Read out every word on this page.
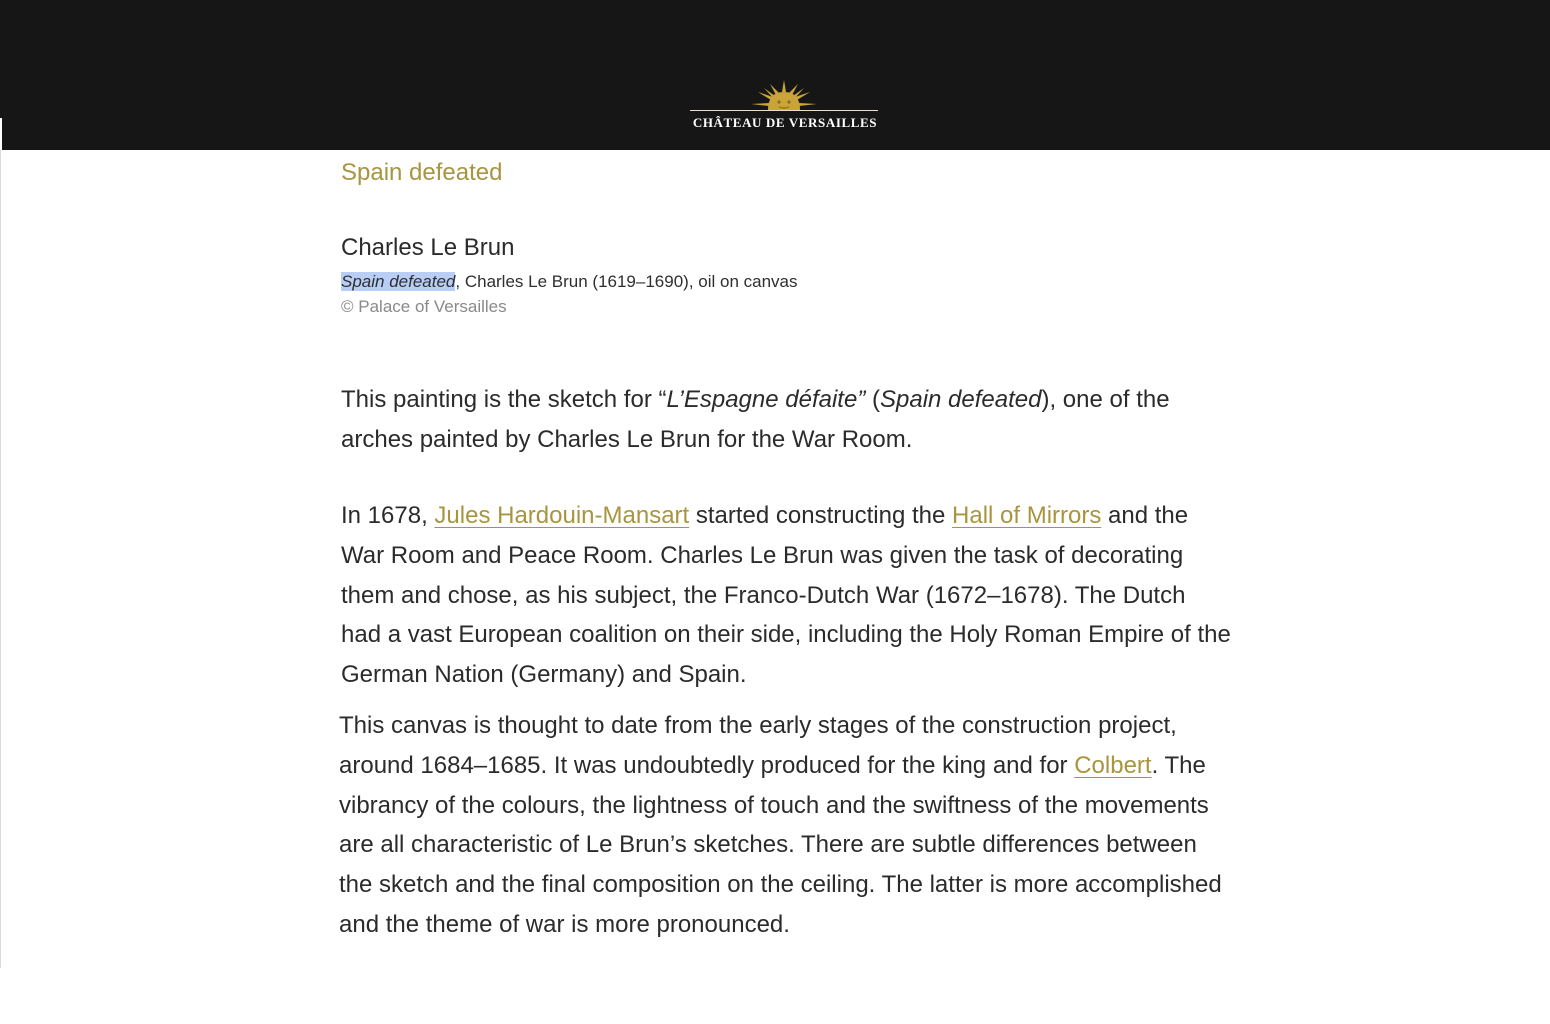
CHÂTEAU DE VERSAILLES
Spain defeated
Charles Le Brun
Spain defeated, Charles Le Brun (1619–1690), oil on canvas
© Palace of Versailles

This painting is the sketch for “L’Espagne défaite” (Spain defeated), one of the arches painted by Charles Le Brun for the War Room.

In 1678, Jules Hardouin-Mansart started constructing the Hall of Mirrors and the War Room and Peace Room. Charles Le Brun was given the task of decorating them and chose, as his subject, the Franco-Dutch War (1672–1678). The Dutch had a vast European coalition on their side, including the Holy Roman Empire of the German Nation (Germany) and Spain.

This canvas is thought to date from the early stages of the construction project, around 1684–1685. It was undoubtedly produced for the king and for Colbert. The vibrancy of the colours, the lightness of touch and the swiftness of the movements are all characteristic of Le Brun’s sketches. There are subtle differences between the sketch and the final composition on the ceiling. The latter is more accomplished and the theme of war is more pronounced.
